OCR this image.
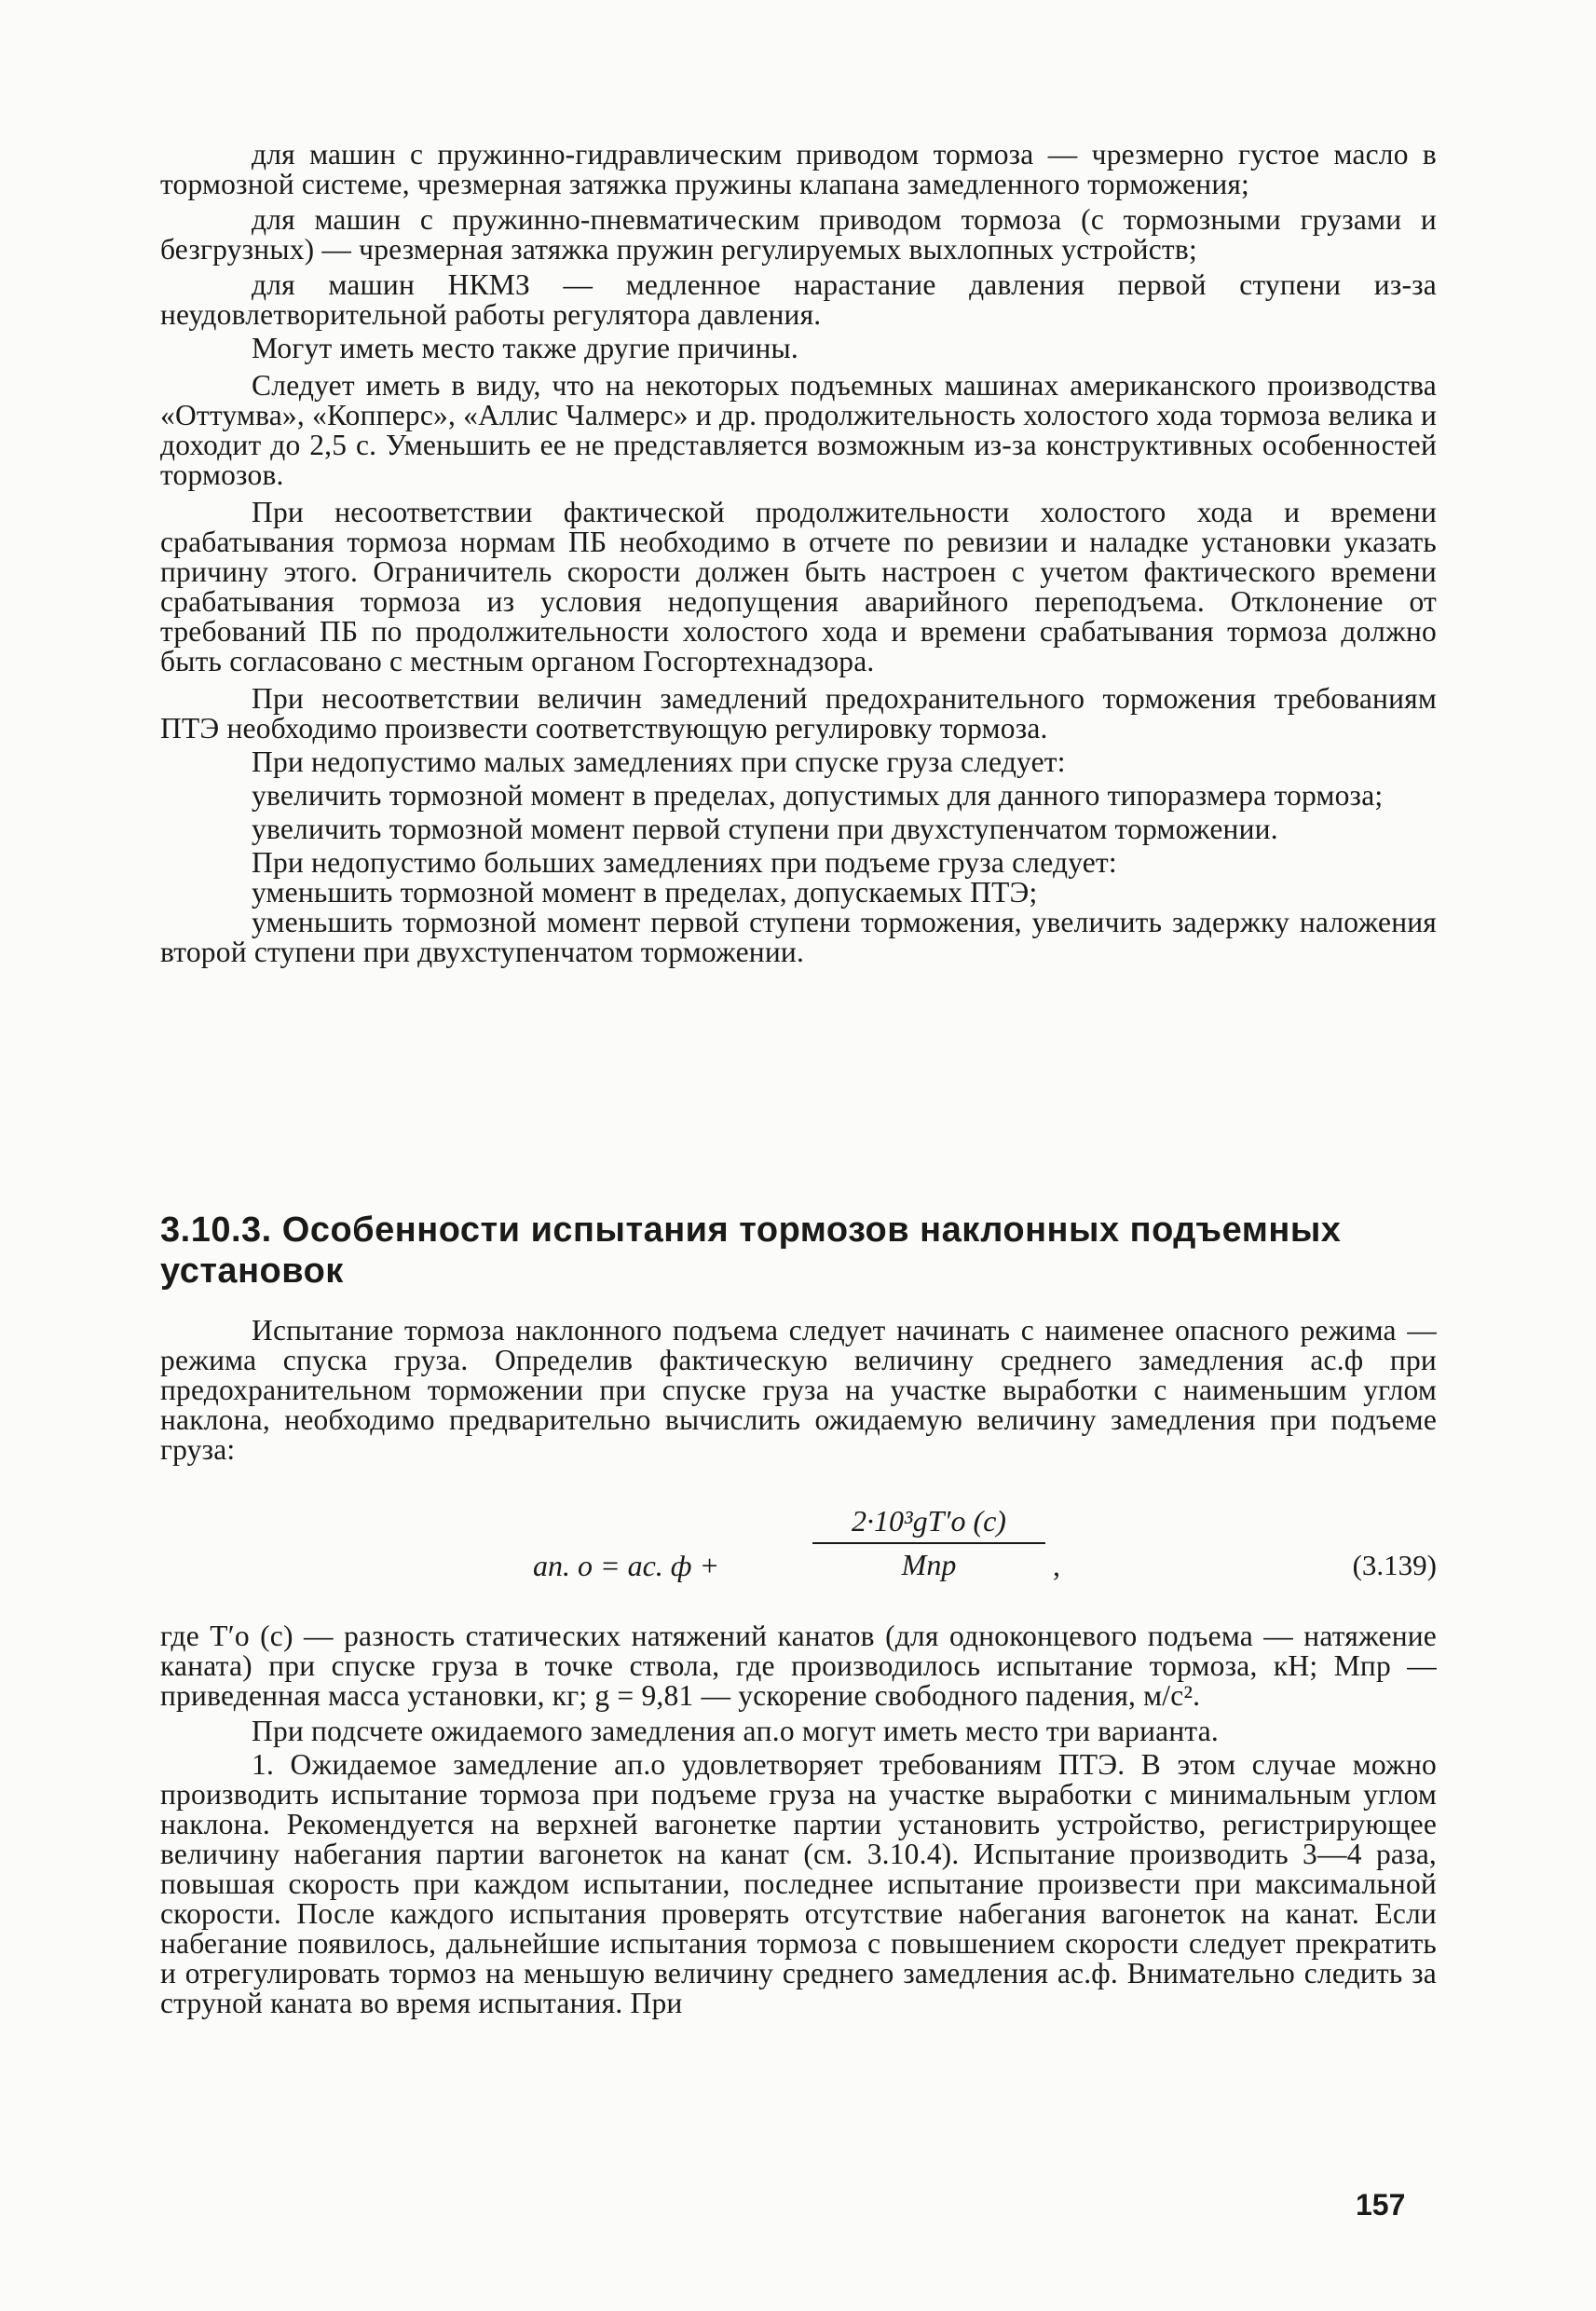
для машин с пружинно-гидравлическим приводом тормоза — чрезмерно густое масло в тормозной системе, чрезмерная затяжка пружины клапана замедленного торможения;

для машин с пружинно-пневматическим приводом тормоза (с тормозными грузами и безгрузных) — чрезмерная затяжка пружин регулируемых выхлопных устройств;

для машин НКМЗ — медленное нарастание давления первой ступени из-за неудовлетворительной работы регулятора давления.

Могут иметь место также другие причины.

Следует иметь в виду, что на некоторых подъемных машинах американского производства «Оттумва», «Копперс», «Аллис Чалмерс» и др. продолжительность холостого хода тормоза велика и доходит до 2,5 с. Уменьшить ее не представляется возможным из-за конструктивных особенностей тормозов.

При несоответствии фактической продолжительности холостого хода и времени срабатывания тормоза нормам ПБ необходимо в отчете по ревизии и наладке установки указать причину этого. Ограничитель скорости должен быть настроен с учетом фактического времени срабатывания тормоза из условия недопущения аварийного переподъема. Отклонение от требований ПБ по продолжительности холостого хода и времени срабатывания тормоза должно быть согласовано с местным органом Госгортехнадзора.

При несоответствии величин замедлений предохранительного торможения требованиям ПТЭ необходимо произвести соответствующую регулировку тормоза.

При недопустимо малых замедлениях при спуске груза следует:

увеличить тормозной момент в пределах, допустимых для данного типоразмера тормоза;

увеличить тормозной момент первой ступени при двухступенчатом торможении.

При недопустимо больших замедлениях при подъеме груза следует:

уменьшить тормозной момент в пределах, допускаемых ПТЭ;

уменьшить тормозной момент первой ступени торможения, увеличить задержку наложения второй ступени при двухступенчатом торможении.

3.10.3. Особенности испытания тормозов наклонных подъемных установок

Испытание тормоза наклонного подъема следует начинать с наименее опасного режима — режима спуска груза. Определив фактическую величину среднего замедления aс.ф при предохранительном торможении при спуске груза на участке выработки с наименьшим углом наклона, необходимо предварительно вычислить ожидаемую величину замедления при подъеме груза:

aп. о = aс. ф +
2·10³gT′о (с)
Mпр	,	(3.139)

где T′о (с) — разность статических натяжений канатов (для одноконцевого подъема — натяжение каната) при спуске груза в точке ствола, где производилось испытание тормоза, кН; Mпр — приведенная масса установки, кг; g = 9,81 — ускорение свободного падения, м/с².

При подсчете ожидаемого замедления aп.о могут иметь место три варианта.

1. Ожидаемое замедление aп.о удовлетворяет требованиям ПТЭ. В этом случае можно производить испытание тормоза при подъеме груза на участке выработки с минимальным углом наклона. Рекомендуется на верхней вагонетке партии установить устройство, регистрирующее величину набегания партии вагонеток на канат (см. 3.10.4). Испытание производить 3—4 раза, повышая скорость при каждом испытании, последнее испытание произвести при максимальной скорости. После каждого испытания проверять отсутствие набегания вагонеток на канат. Если набегание появилось, дальнейшие испытания тормоза с повышением скорости следует прекратить и отрегулировать тормоз на меньшую величину среднего замедления aс.ф. Внимательно следить за струной каната во время испытания. При

157
